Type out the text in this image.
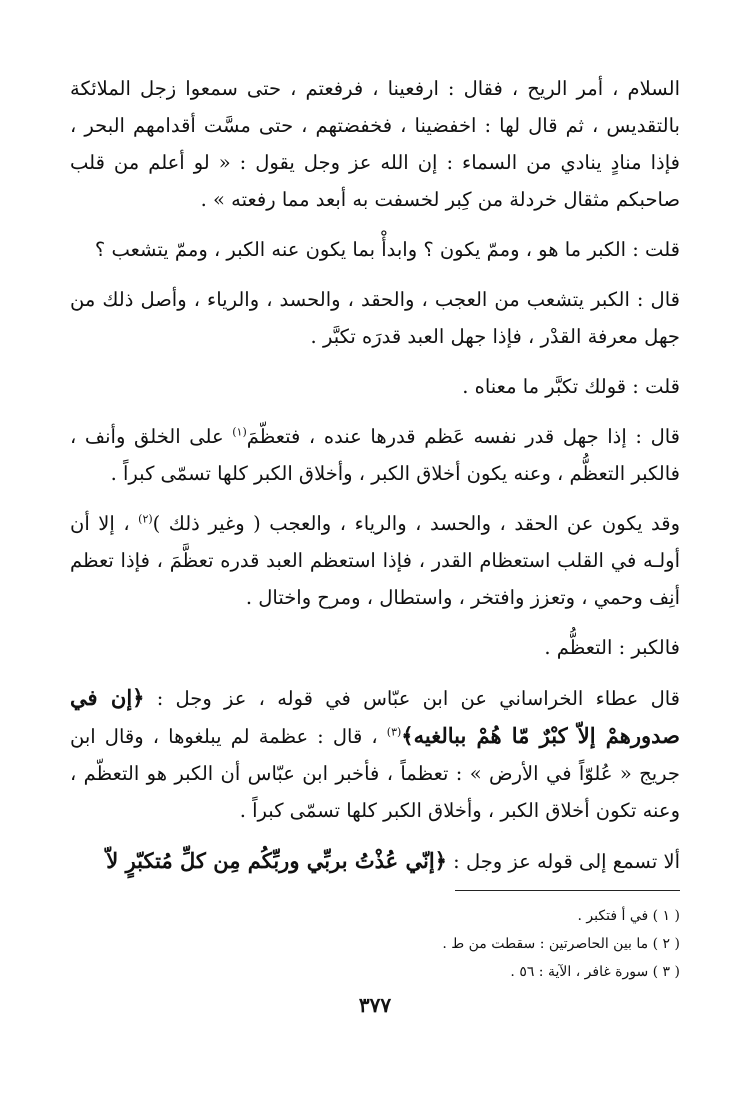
السلام ، أمر الريح ، فقال : ارفعينا ، فرفعتم ، حتى سمعوا زجل الملائكة بالتقديس ، ثم قال لها : اخفضينا ، فخفضتهم ، حتى مسَّت أقدامهم البحر ، فإذا منادٍ ينادي من السماء : إن الله عز وجل يقول : « لو أعلم من قلب صاحبكم مثقال خردلة من كِبر لخسفت به أبعد مما رفعته » .

قلت : الكبر ما هو ، وممّ يكون ؟ وابدأْ بما يكون عنه الكبر ، وممّ يتشعب ؟

قال : الكبر يتشعب من العجب ، والحقد ، والحسد ، والرياء ، وأصل ذلك من جهل معرفة القدْر ، فإذا جهل العبد قدرَه تكبَّر .

قلت : قولك تكبَّر ما معناه .

قال : إذا جهل قدر نفسه عَظم قدرها عنده ، فتعظّمَ$^{(١)}$ على الخلق وأنف ، فالكبر التعظُّم ، وعنه يكون أخلاق الكبر ، وأخلاق الكبر كلها تسمّى كبراً .

وقد يكون عن الحقد ، والحسد ، والرياء ، والعجب ( وغير ذلك )$^{(٢)}$ ، إلا أن أولـه في القلب استعظام القدر ، فإذا استعظم العبد قدره تعظَّمَ ، فإذا تعظم أنِف وحمي ، وتعزز وافتخر ، واستطال ، ومرح واختال .

فالكبر : التعظُّم .

قال عطاء الخراساني عن ابن عبّاس في قوله ، عز وجل : ﴿إن في صدورهمْ إلاّ كبْرٌ مّا هُمْ ببالغيه﴾$^{(٣)}$ ، قال : عظمة لم يبلغوها ، وقال ابن جريج « عُلوّاً في الأرض » : تعظماً ، فأخبر ابن عبّاس أن الكبر هو التعظّم ، وعنه تكون أخلاق الكبر ، وأخلاق الكبر كلها تسمّى كبراً .

ألا تسمع إلى قوله عز وجل : ﴿إنّي عُذْتُ بربِّي وربِّكُم مِن كلِّ مُتكبّرٍ لاّ

( ١ ) في أ فتكبر .

( ٢ ) ما بين الحاصرتين : سقطت من ط .

( ٣ ) سورة غافر ، الآية : ٥٦ .

٣٧٧
